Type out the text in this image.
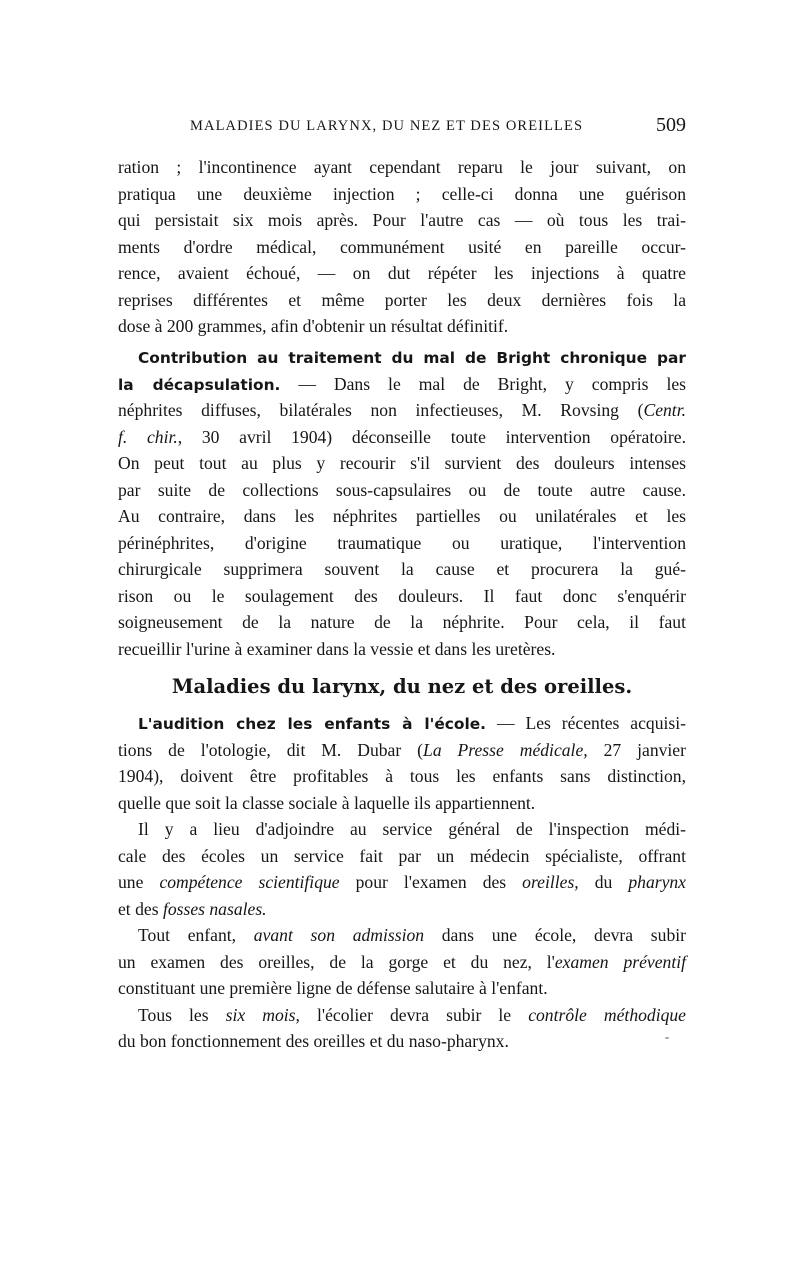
MALADIES DU LARYNX, DU NEZ ET DES OREILLES	509
ration ; l'incontinence ayant cependant reparu le jour suivant, on
pratiqua une deuxième injection ; celle-ci donna une guérison
qui persistait six mois après. Pour l'autre cas — où tous les trai-
ments d'ordre médical, communément usité en pareille occur-
rence, avaient échoué, — on dut répéter les injections à quatre
reprises différentes et même porter les deux dernières fois la
dose à 200 grammes, afin d'obtenir un résultat définitif.
Contribution au traitement du mal de Bright chronique par
la décapsulation. — Dans le mal de Bright, y compris les
néphrites diffuses, bilatérales non infectieuses, M. Rovsing (Centr.
f. chir., 30 avril 1904) déconseille toute intervention opératoire.
On peut tout au plus y recourir s'il survient des douleurs intenses
par suite de collections sous-capsulaires ou de toute autre cause.
Au contraire, dans les néphrites partielles ou unilatérales et les
périnéphrites, d'origine traumatique ou uratique, l'intervention
chirurgicale supprimera souvent la cause et procurera la gué-
rison ou le soulagement des douleurs. Il faut donc s'enquérir
soigneusement de la nature de la néphrite. Pour cela, il faut
recueillir l'urine à examiner dans la vessie et dans les uretères.
Maladies du larynx, du nez et des oreilles.
L'audition chez les enfants à l'école. — Les récentes acquisi-
tions de l'otologie, dit M. Dubar (La Presse médicale, 27 janvier
1904), doivent être profitables à tous les enfants sans distinction,
quelle que soit la classe sociale à laquelle ils appartiennent.
Il y a lieu d'adjoindre au service général de l'inspection médi-
cale des écoles un service fait par un médecin spécialiste, offrant
une compétence scientifique pour l'examen des oreilles, du pharynx
et des fosses nasales.
Tout enfant, avant son admission dans une école, devra subir
un examen des oreilles, de la gorge et du nez, l'examen préventif
constituant une première ligne de défense salutaire à l'enfant.
Tous les six mois, l'écolier devra subir le contrôle méthodique
du bon fonctionnement des oreilles et du naso-pharynx.
